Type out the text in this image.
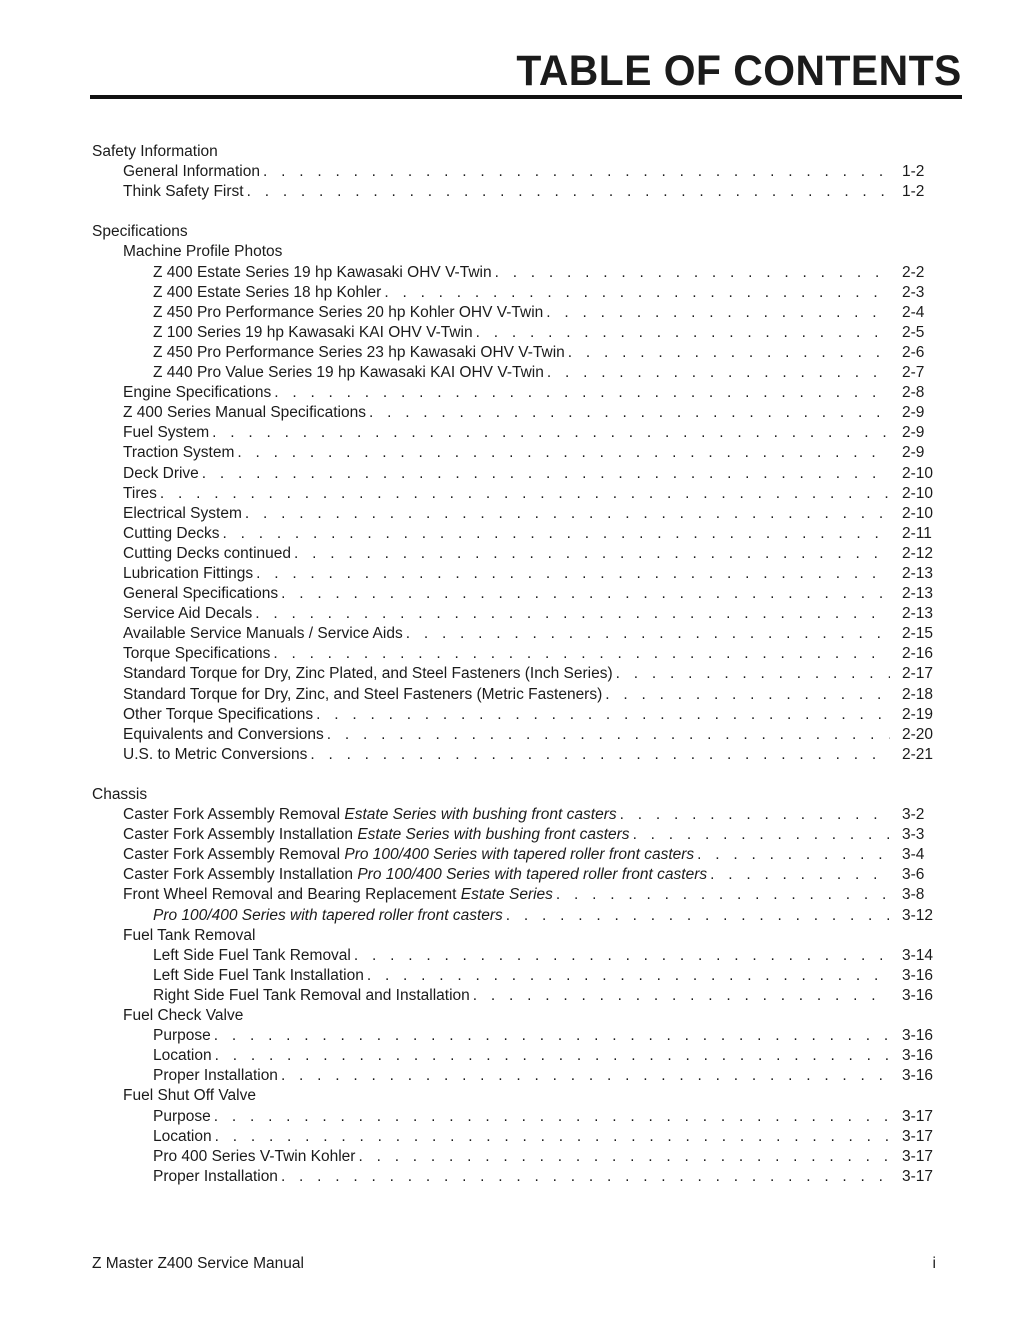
TABLE OF CONTENTS
Safety Information
General Information . . .	1-2
Think Safety First . . .	1-2
Specifications
Machine Profile Photos
Z 400 Estate Series 19 hp Kawasaki OHV V-Twin . . .	2-2
Z 400 Estate Series 18 hp Kohler . . .	2-3
Z 450 Pro Performance Series 20 hp Kohler OHV V-Twin . . .	2-4
Z 100 Series 19 hp Kawasaki KAI OHV V-Twin . . .	2-5
Z 450 Pro Performance Series 23 hp Kawasaki OHV V-Twin . . .	2-6
Z 440 Pro Value Series 19 hp Kawasaki KAI OHV V-Twin . . .	2-7
Engine Specifications . . .	2-8
Z 400 Series Manual Specifications . . .	2-9
Fuel System . . .	2-9
Traction System . . .	2-9
Deck Drive . . .	2-10
Tires . . .	2-10
Electrical System . . .	2-10
Cutting Decks . . .	2-11
Cutting Decks continued . . .	2-12
Lubrication Fittings . . .	2-13
General Specifications . . .	2-13
Service Aid Decals . . .	2-13
Available Service Manuals / Service Aids . . .	2-15
Torque Specifications . . .	2-16
Standard Torque for Dry, Zinc Plated, and Steel Fasteners (Inch Series) . . .	2-17
Standard Torque for Dry, Zinc, and Steel Fasteners (Metric Fasteners) . . .	2-18
Other Torque Specifications . . .	2-19
Equivalents and Conversions . . .	2-20
U.S. to Metric Conversions . . .	2-21
Chassis
Caster Fork Assembly Removal Estate Series with bushing front casters . . .	3-2
Caster Fork Assembly Installation Estate Series with bushing front casters . . .	3-3
Caster Fork Assembly Removal Pro 100/400 Series with tapered roller front casters . . .	3-4
Caster Fork Assembly Installation Pro 100/400 Series with tapered roller front casters . . .	3-6
Front Wheel Removal and Bearing Replacement Estate Series . . .	3-8
Pro 100/400 Series with tapered roller front casters . . .	3-12
Fuel Tank Removal
Left Side Fuel Tank Removal . . .	3-14
Left Side Fuel Tank Installation . . .	3-16
Right Side Fuel Tank Removal and Installation . . .	3-16
Fuel Check Valve
Purpose . . .	3-16
Location . . .	3-16
Proper Installation . . .	3-16
Fuel Shut Off Valve
Purpose . . .	3-17
Location . . .	3-17
Pro 400 Series V-Twin Kohler . . .	3-17
Proper Installation . . .	3-17
Z Master Z400 Service Manual	i
